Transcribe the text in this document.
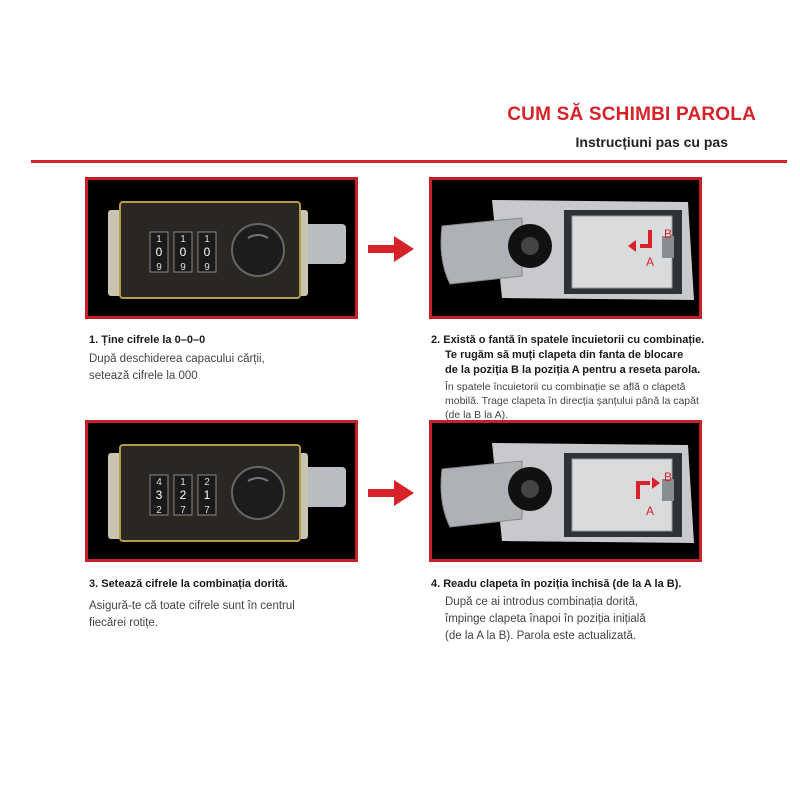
CUM SĂ SCHIMBI PAROLA
Instrucțiuni pas cu pas
1
0
9
1
0
9
1
0
9
B
A
4
3
2
1
2
7
2
1
7
B
A
1. Ține cifrele la 0–0–0
După deschiderea capacului cărții,
setează cifrele la 000
2. Există o fantă în spatele încuietorii cu combinație.
Te rugăm să muți clapeta din fanta de blocare
de la poziția B la poziția A pentru a reseta parola.
În spatele încuietorii cu combinație se află o clapetă
mobilă. Trage clapeta în direcția șanțului până la capăt
(de la B la A).
3. Setează cifrele la combinația dorită.
Asigură-te că toate cifrele sunt în centrul
fiecărei rotițe.
4. Readu clapeta în poziția închisă (de la A la B).
După ce ai introdus combinația dorită,
împinge clapeta înapoi în poziția inițială
(de la A la B). Parola este actualizată.
